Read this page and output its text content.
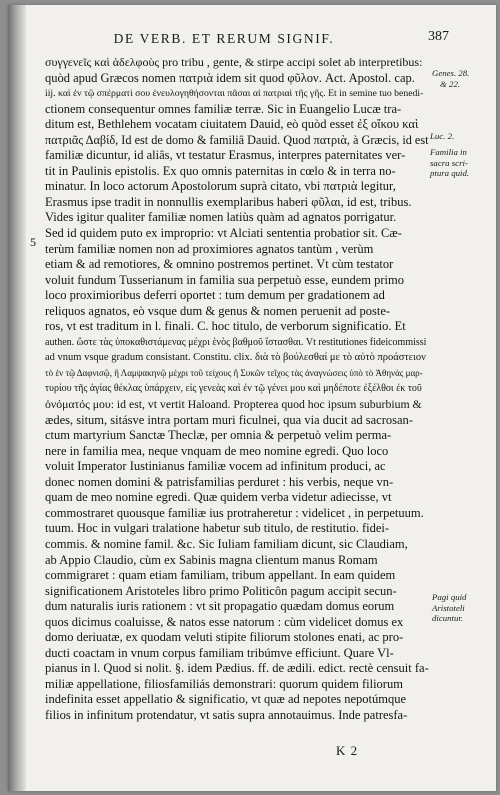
DE VERB. ET RERUM SIGNIF.	387
5
συγγενεῖς καὶ ἀδελφοὺς pro tribu , gente, & stirpe accipi solet ab interpretibus:
quòd apud Græcos nomen πατριὰ idem sit quod φῦλον. Act. Apostol. cap.
iij. καὶ ἐν τῷ σπέρματί σου ἐνευλογηθήσονται πᾶσαι αἱ πατριαὶ τῆς γῆς. Et in semine tuo benedi-
ctionem consequentur omnes familiæ terræ. Sic in Euangelio Lucæ tra-
ditum est, Bethlehem vocatam ciuitatem Dauid, eò quòd esset ἐξ οἴκου καὶ
πατριᾶς Δαβίδ, Id est de domo & familiâ Dauid. Quod πατριὰ, à Græcis, id est
familiæ dicuntur, id aliâs, vt testatur Erasmus, interpres paternitates ver-
tit in Paulinis epistolis. Ex quo omnis paternitas in cœlo & in terra no-
minatur. In loco actorum Apostolorum suprà citato, vbi πατριὰ legitur,
Erasmus ipse tradit in nonnullis exemplaribus haberi φῦλαι, id est, tribus.
Vides igitur qualiter familiæ nomen latiùs quàm ad agnatos porrigatur.
Sed id quidem puto ex improprio: vt Alciati sententia probatior sit. Cæ-
terùm familiæ nomen non ad proximiores agnatos tantùm , verùm
etiam & ad remotiores, & omnino postremos pertinet. Vt cùm testator
voluit fundum Tusserianum in familia sua perpetuò esse, eundem primo
loco proximioribus deferri oportet : tum demum per gradationem ad
reliquos agnatos, eò vsque dum & genus & nomen peruenit ad poste-
ros, vt est traditum in l. finali. C. hoc titulo, de verborum significatio. Et
authen. ὥστε τὰς ὑποκαθιστάμενας μέχρι ἑνὸς βαθμοῦ ἵστασθαι. Vt restitutiones fideicommissi
ad vnum vsque gradum consistant. Constitu. clix. διὰ τὸ βούλεσθαί με τὸ αὐτὸ προάστειον
τὸ ἐν τῷ Δαφνισῷ, ἢ Λαμψακηνῷ μέχρι τοῦ τείχους ἢ Συκῶν τεῖχος τὰς ἀναγνώσεις ὑπὸ τὸ Ἀθηνὰς μαρ-
τυρίου τῆς ἁγίας θέκλας ὑπάρχειν, εἰς γενεὰς καὶ ἐν τῷ γένει μου καὶ μηδέποτε ἐξέλθοι ἐκ τοῦ
ὀνόματός μου: id est, vt vertit Haloand. Propterea quod hoc ipsum suburbium &
ædes, situm, sitásve intra portam muri ficulnei, qua via ducit ad sacrosan-
ctum martyrium Sanctæ Theclæ, per omnia & perpetuò velim perma-
nere in familia mea, neque vnquam de meo nomine egredi. Quo loco
voluit Imperator Iustinianus familiæ vocem ad infinitum produci, ac
donec nomen domini & patrisfamilias perduret : his verbis, neque vn-
quam de meo nomine egredi. Quæ quidem verba videtur adiecisse, vt
commostraret quousque familiæ ius protraheretur : videlicet , in perpetuum.
tuum. Hoc in vulgari tralatione habetur sub titulo, de restitutio. fidei-
commis. & nomine famil. &c. Sic Iuliam familiam dicunt, sic Claudiam,
ab Appio Claudio, cùm ex Sabinis magna clientum manus Romam
commigraret : quam etiam familiam, tribum appellant. In eam quidem
significationem Aristoteles libro primo Politicôn pagum accipit secun-
dum naturalis iuris rationem : vt sit propagatio quædam domus eorum
quos dicimus coaluisse, & natos esse natorum : cùm videlicet domus ex
domo deriuatæ, ex quodam veluti stipite filiorum stolones enati, ac pro-
ducti coactam in vnum corpus familiam tribúmve efficiunt. Quare Vl-
pianus in l. Quod si nolit. §. idem Pædius. ff. de ædili. edict. rectè censuit fa-
miliæ appellatione, filiosfamiliás demonstrari: quorum quidem filiorum
indefinita esset appellatio & significatio, vt quæ ad nepotes nepotúmque
filios in infinitum protendatur, vt satis supra annotauimus. Inde patresfa-
Genes. 28.
& 22.
Luc. 2.
Familia in
sacra scri-
ptura quid.
Pagi quid
Aristoteli
dicuntur.
K 2
